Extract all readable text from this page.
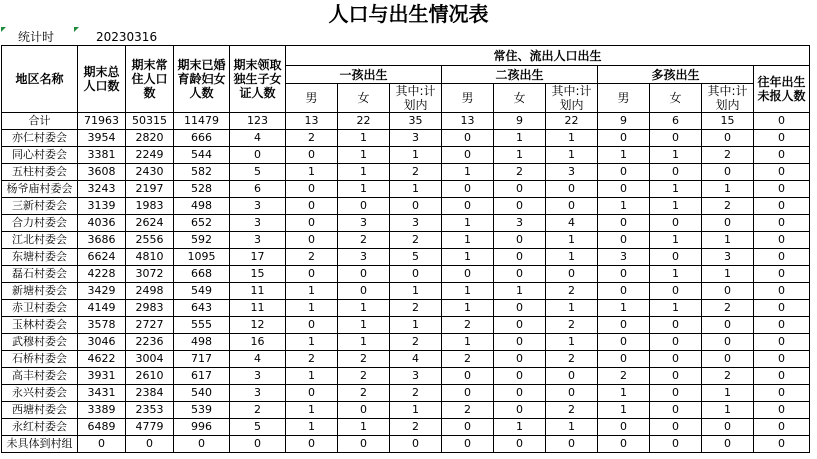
人口与出生情况表
统计时	20230316
地区名称	期末总人口数	期末常住人口数	期末已婚育龄妇女人数	期末领取独生子女证人数	常住、流出人口出生									
					一孩出生			二孩出生			多孩出生			往年出生未报人数
					男	女	其中:计划内	男	女	其中:计划内	男	女	其中:计划内	
合计	71963	50315	11479	123	13	22	35	13	9	22	9	6	15	0
亦仁村委会	3954	2820	666	4	2	1	3	0	1	1	0	0	0	0
同心村委会	3381	2249	544	0	0	1	1	0	1	1	1	1	2	0
五柱村委会	3608	2430	582	5	1	1	2	1	2	3	0	0	0	0
杨爷庙村委会	3243	2197	528	6	0	1	1	0	0	0	0	1	1	0
三新村委会	3139	1983	498	3	0	0	0	0	0	0	1	1	2	0
合力村委会	4036	2624	652	3	0	3	3	1	3	4	0	0	0	0
江北村委会	3686	2556	592	3	0	2	2	1	0	1	0	1	1	0
东塘村委会	6624	4810	1095	17	2	3	5	1	0	1	3	0	3	0
磊石村委会	4228	3072	668	15	0	0	0	0	0	0	0	1	1	0
新塘村委会	3429	2498	549	11	1	0	1	1	1	2	0	0	0	0
赤卫村委会	4149	2983	643	11	1	1	2	1	0	1	1	1	2	0
玉林村委会	3578	2727	555	12	0	1	1	2	0	2	0	0	0	0
武穆村委会	3046	2236	498	16	1	1	2	1	0	1	0	0	0	0
石桥村委会	4622	3004	717	4	2	2	4	2	0	2	0	0	0	0
高丰村委会	3931	2610	617	3	1	2	3	0	0	0	2	0	2	0
永兴村委会	3431	2384	540	3	0	2	2	0	0	0	1	0	1	0
西塘村委会	3389	2353	539	2	1	0	1	2	0	2	1	0	1	0
永红村委会	6489	4779	996	5	1	1	2	0	1	1	0	0	0	0
未具体到村组	0	0	0	0	0	0	0	0	0	0	0	0	0	0
